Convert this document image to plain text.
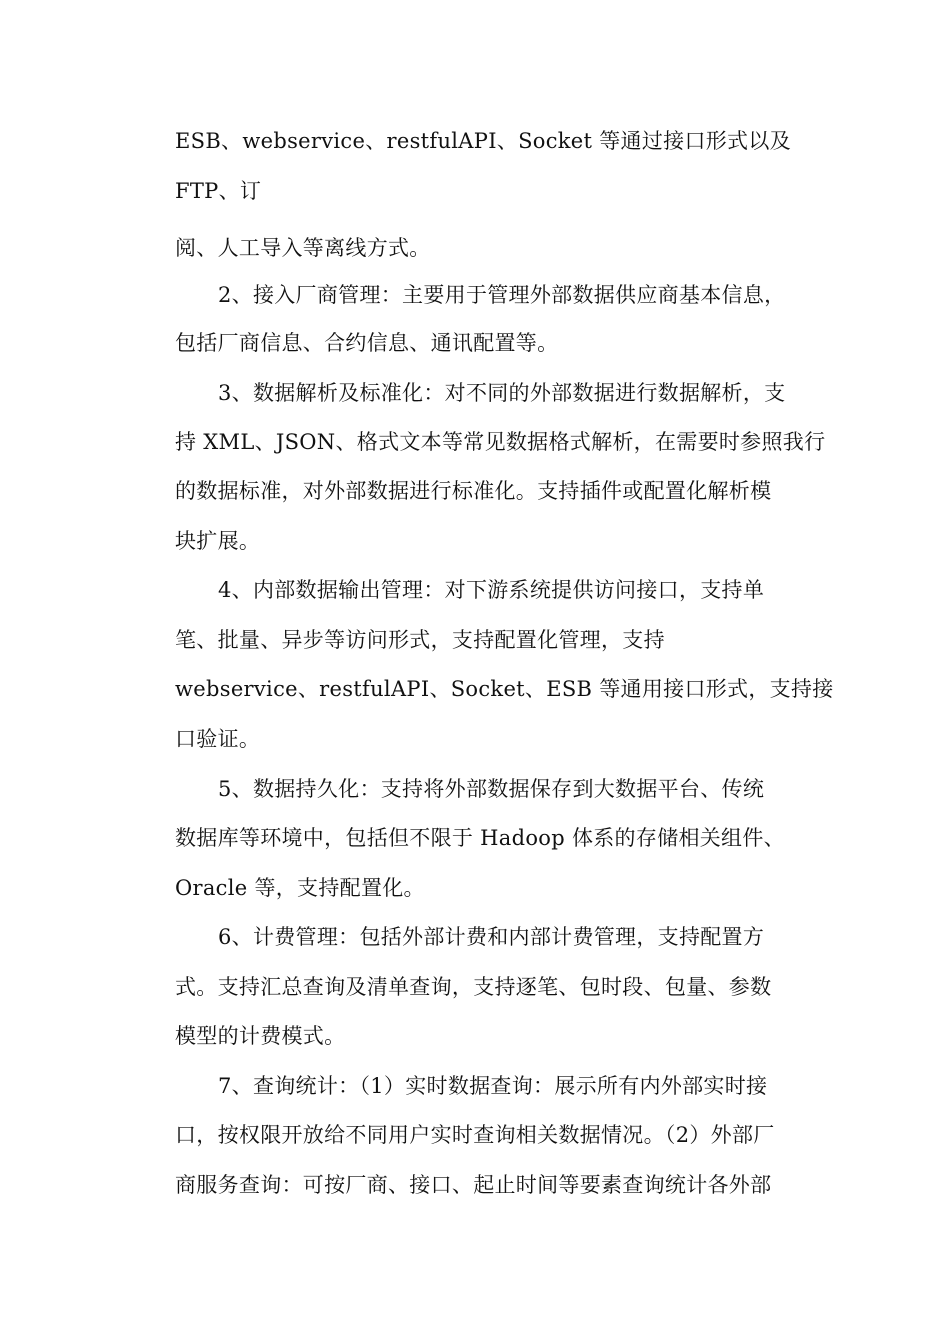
ESB、webservice、restfulAPI、Socket 等通过接口形式以及
FTP、订
阅、人工导入等离线方式。
2、接入厂商管理：主要用于管理外部数据供应商基本信息，
包括厂商信息、合约信息、通讯配置等。
3、数据解析及标准化：对不同的外部数据进行数据解析，支
持 XML、JSON、格式文本等常见数据格式解析，在需要时参照我行
的数据标准，对外部数据进行标准化。支持插件或配置化解析模
块扩展。
4、内部数据输出管理：对下游系统提供访问接口，支持单
笔、批量、异步等访问形式，支持配置化管理，支持
webservice、restfulAPI、Socket、ESB 等通用接口形式，支持接
口验证。
5、数据持久化：支持将外部数据保存到大数据平台、传统
数据库等环境中，包括但不限于 Hadoop 体系的存储相关组件、
Oracle 等，支持配置化。
6、计费管理：包括外部计费和内部计费管理，支持配置方
式。支持汇总查询及清单查询，支持逐笔、包时段、包量、参数
模型的计费模式。
7、查询统计：（1）实时数据查询：展示所有内外部实时接
口，按权限开放给不同用户实时查询相关数据情况。（2）外部厂
商服务查询：可按厂商、接口、起止时间等要素查询统计各外部
